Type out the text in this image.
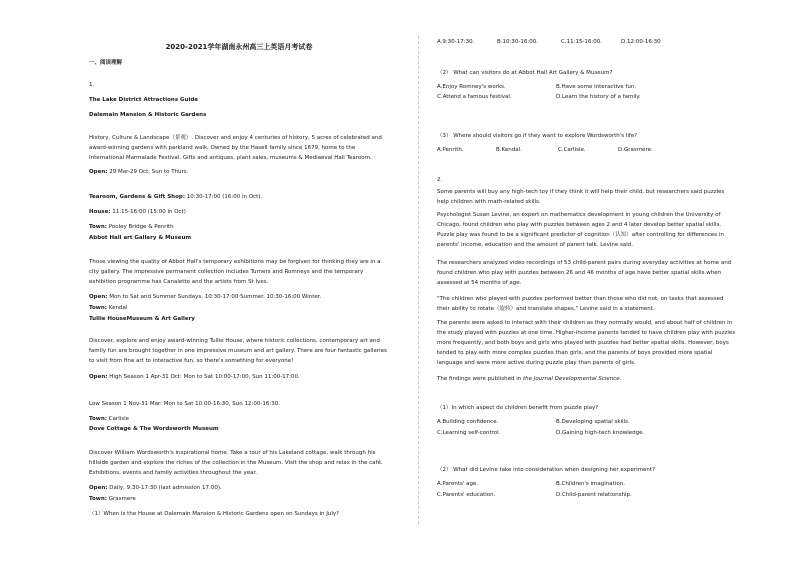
2020-2021学年湖南永州高三上英语月考试卷

一、阅读理解

1.

The Lake District Attractions Guide

Dalemain Mansion & Historic Gardens

History, Culture & Landscape（景观）. Discover and enjoy 4 centuries of history, 5 acres of celebrated and award-winning gardens with parkland walk. Owned by the Hasell family since 1679, home to the International Marmalade Festival. Gifts and antiques, plant sales, museums & Mediaeval Hall Tearoom.

Open: 29 Mar-29 Oct, Sun to Thurs.

Tearoom, Gardens & Gift Shop: 10:30-17:00 (16:00 in Oct).

House: 11:15-16:00 (15:00 in Oct)

Town: Pooley Bridge & Penrith

Abbot Hall art Gallery & Museum

Those viewing the quality of Abbot Hall's temporary exhibitions may be forgiven for thinking they are in a city gallery. The impressive permanent collection includes Turners and Romneys and the temporary exhibition programme has Canaletto and the artists from St Ives.

Open: Mon to Sat and Summer Sundays. 10:30-17:00 Summer. 10:30-16:00 Winter.

Town: Kendal

Tullie HouseMuseum & Art Gallery

Discover, explore and enjoy award-winning Tullie House, where historic collections, contemporary art and family fun are brought together in one impressive museum and art gallery. There are four fantastic galleries to visit from fine art to interactive fun, so there's something for everyone!

Open: High Season 1 Apr-31 Oct: Mon to Sat 10:00-17:00, Sun 11:00-17:00.

Low Season 1 Nov-31 Mar: Mon to Sat 10:00-16:30, Sun 12:00-16:30.

Town: Carlisle

Dove Cottage & The Wordsworth Museum

Discover William Wordsworth's inspirational home. Take a tour of his Lakeland cottage, walk through his hillside garden and explore the riches of the collection in the Museum. Visit the shop and relax in the café. Exhibitions, events and family activities throughout the year.

Open: Daily, 9:30-17:30 (last admission 17:00).

Town: Grasmere

（1）When is the House at Dalemain Mansion & Historic Gardens open on Sundays in July?

A.9:30-17:30.	B.10:30-16:00.	C.11:15-16:00.	D.12:00-16:30

（2） What can visitors do at Abbot Hall Art Gallery & Museum?

A.Enjoy Romney's works.	B.Have some interactive fun.
C.Attend a famous festival.	D.Learn the history of a family.

（3） Where should visitors go if they want to explore Wordsworth's life?

A.Penrith.	B.Kendal.	C.Carlisle.	D.Grasmere.

2.

Some parents will buy any high-tech toy if they think it will help their child, but researchers said puzzles help children with math-related skills.

Psychologist Susan Levine, an expert on mathematics development in young children the University of Chicago, found children who play with puzzles between ages 2 and 4 later develop better spatial skills. Puzzle play was found to be a significant predictor of cognition（认知）after controlling for differences in parents' income, education and the amount of parent talk, Levine said.

The researchers analyzed video recordings of 53 child-parent pairs during everyday activities at home and found children who play with puzzles between 26 and 46 months of age have better spatial skills when assessed at 54 months of age.

"The children who played with puzzles performed better than those who did not, on tasks that assessed their ability to rotate（旋转）and translate shapes," Levine said in a statement.

The parents were asked to interact with their children as they normally would, and about half of children in the study played with puzzles at one time. Higher-income parents tended to have children play with puzzles more frequently, and both boys and girls who played with puzzles had better spatial skills. However, boys tended to play with more complex puzzles than girls, and the parents of boys provided more spatial language and were more active during puzzle play than parents of girls.

The findings were published in the Journal Developmental Science.

（1）In which aspect do children benefit from puzzle play?

A.Building confidence.	B.Developing spatial skills.
C.Learning self-control.	D.Gaining high-tech knowledge.

（2） What did Levine take into consideration when designing her experiment?

A.Parents' age.	B.Children's imagination.
C.Parents' education.	D.Child-parent relationship.
